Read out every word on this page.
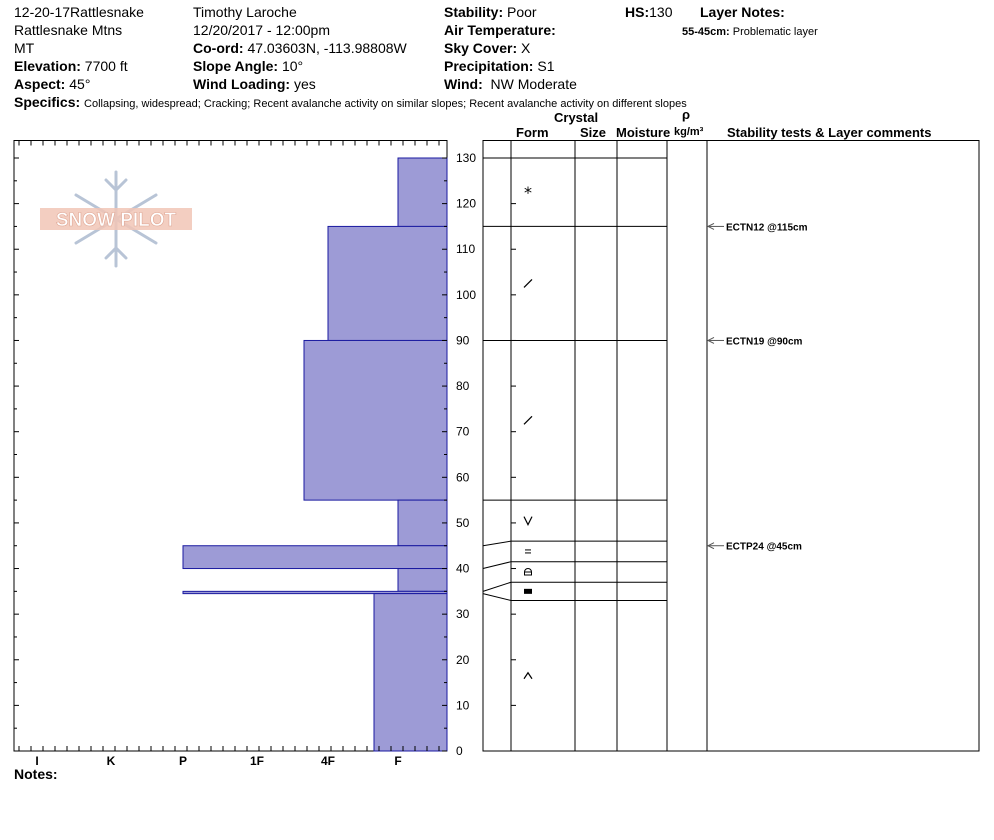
12-20-17Rattlesnake
Rattlesnake Mtns
MT
Elevation: 7700 ft
Aspect: 45°
Timothy Laroche
12/20/2017 - 12:00pm
Co-ord: 47.03603N, -113.98808W
Slope Angle: 10°
Wind Loading: yes
Stability: Poor
Air Temperature:
Sky Cover: X
Precipitation: S1
Wind: NW Moderate
HS:130 Layer Notes:
55-45cm: Problematic layer
Specifics: Collapsing, widespread; Cracking; Recent avalanche activity on similar slopes; Recent avalanche activity on different slopes
Crystal
Form Size Moisture
ρ
kg/m³ Stability tests & Layer comments
Notes:
SNOW PILOT
0
10
20
30
40
50
60
70
80
90
100
110
120
130
I	K	P	1F	4F	F
*
ECTN12 @115cm
ECTN19 @90cm
ECTP24 @45cm
